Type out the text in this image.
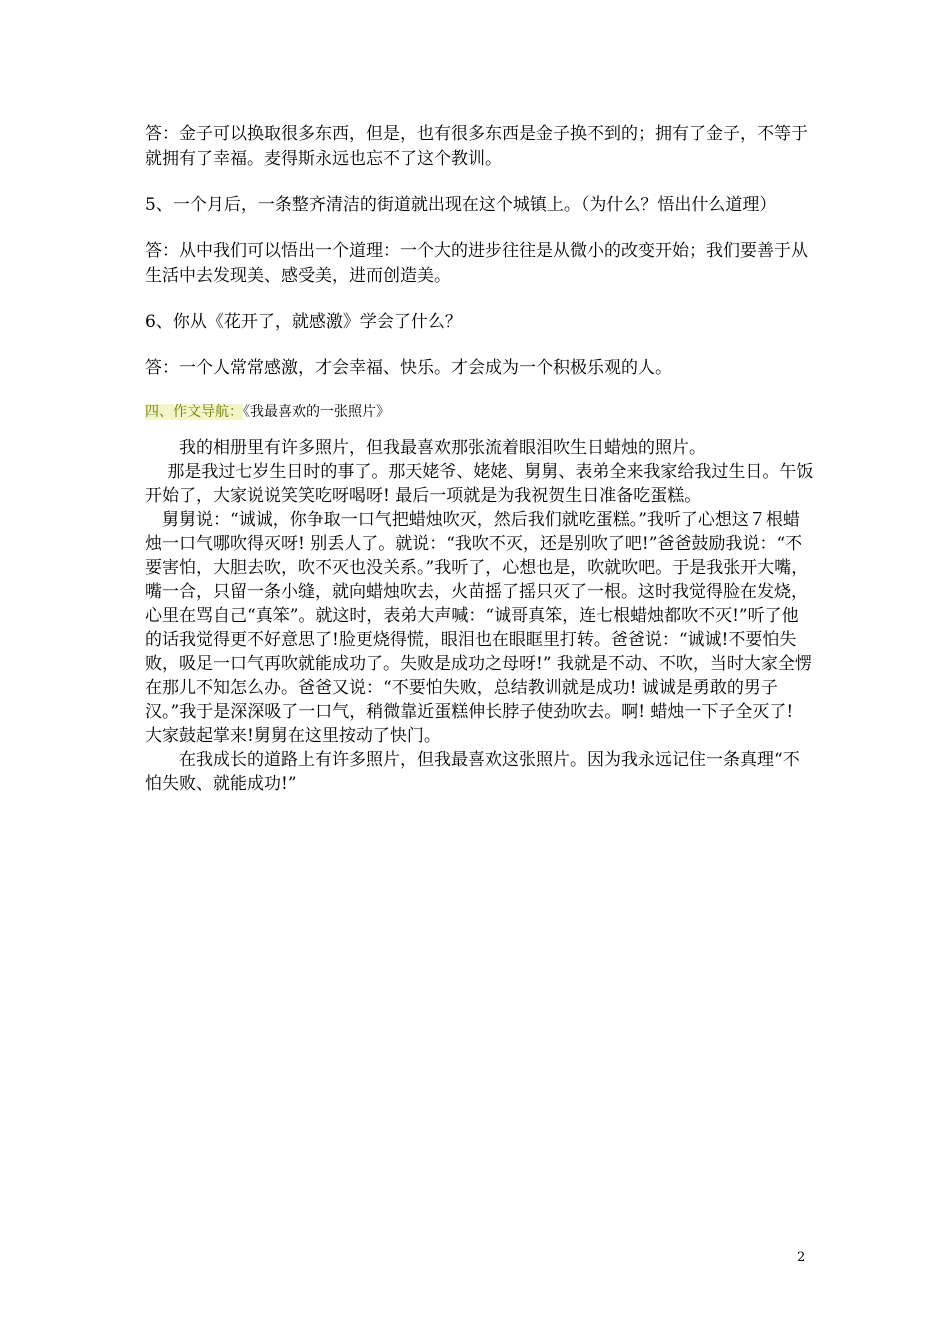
答：金子可以换取很多东西，但是，也有很多东西是金子换不到的；拥有了金子，不等于就拥有了幸福。麦得斯永远也忘不了这个教训。

5、一个月后，一条整齐清洁的街道就出现在这个城镇上。（为什么？悟出什么道理）

答：从中我们可以悟出一个道理：一个大的进步往往是从微小的改变开始；我们要善于从生活中去发现美、感受美，进而创造美。

6、你从《花开了，就感激》学会了什么？

答：一个人常常感激，才会幸福、快乐。才会成为一个积极乐观的人。

四、作文导航：《我最喜欢的一张照片》

　　我的相册里有许多照片，但我最喜欢那张流着眼泪吹生日蜡烛的照片。

　 那是我过七岁生日时的事了。那天姥爷、姥姥、舅舅、表弟全来我家给我过生日。午饭开始了，大家说说笑笑吃呀喝呀! 最后一项就是为我祝贺生日准备吃蛋糕。

　舅舅说：“诚诚，你争取一口气把蜡烛吹灭，然后我们就吃蛋糕。”我听了心想这７根蜡烛一口气哪吹得灭呀! 别丢人了。就说：“我吹不灭，还是别吹了吧!”爸爸鼓励我说：“不要害怕，大胆去吹，吹不灭也没关系。”我听了，心想也是，吹就吹吧。于是我张开大嘴，嘴一合，只留一条小缝，就向蜡烛吹去，火苗摇了摇只灭了一根。这时我觉得脸在发烧，心里在骂自己“真笨”。就这时，表弟大声喊：“诚哥真笨，连七根蜡烛都吹不灭!”听了他的话我觉得更不好意思了!脸更烧得慌，眼泪也在眼眶里打转。爸爸说：“诚诚!不要怕失败，吸足一口气再吹就能成功了。失败是成功之母呀!” 我就是不动、不吹，当时大家全愣在那儿不知怎么办。爸爸又说：“不要怕失败，总结教训就是成功! 诚诚是勇敢的男子汉。”我于是深深吸了一口气，稍微靠近蛋糕伸长脖子使劲吹去。啊! 蜡烛一下子全灭了! 大家鼓起掌来!舅舅在这里按动了快门。

　　在我成长的道路上有许多照片，但我最喜欢这张照片。因为我永远记住一条真理“不怕失败、就能成功!”

2
